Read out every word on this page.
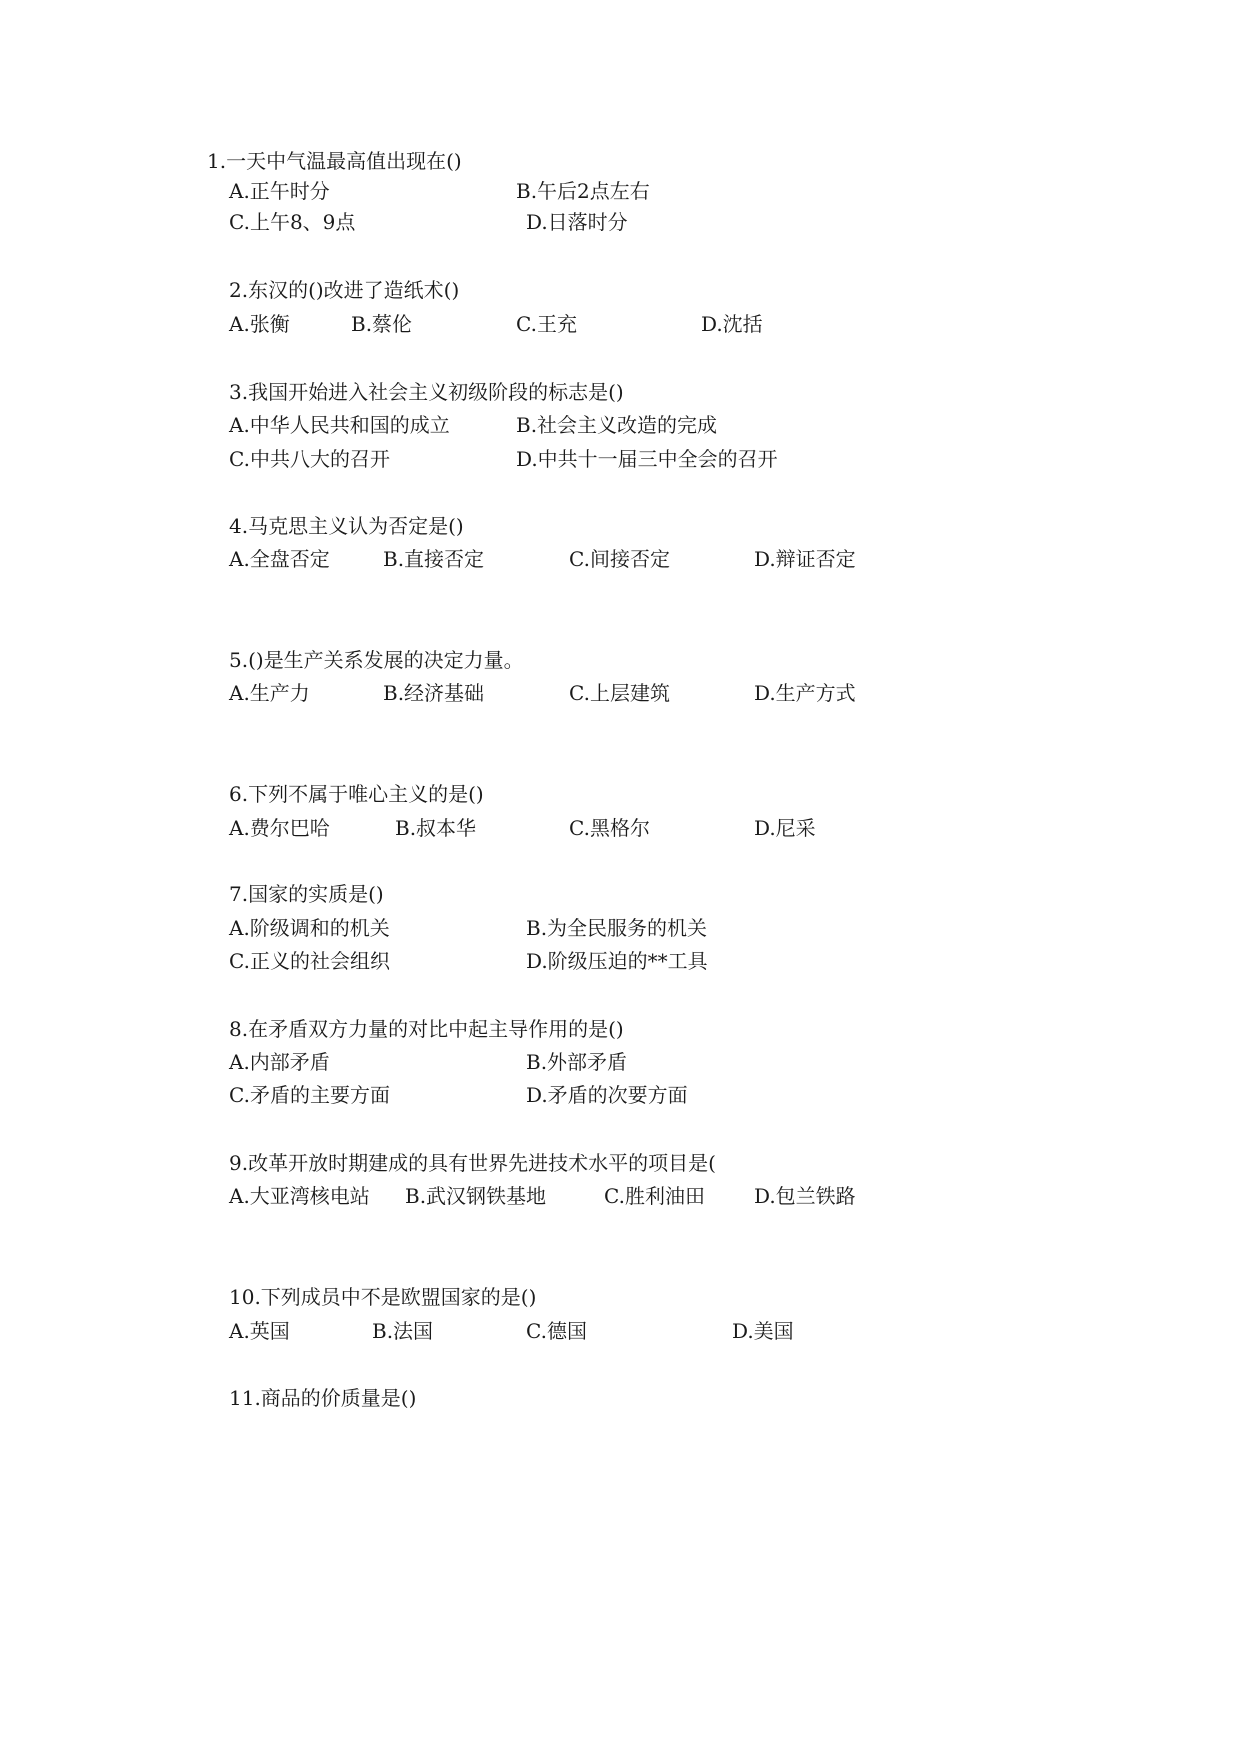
1.一天中气温最高值出现在()
A.正午时分	B.午后2点左右
C.上午8、9点	D.日落时分
2.东汉的()改进了造纸术()
A.张衡	B.蔡伦	C.王充	D.沈括
3.我国开始进入社会主义初级阶段的标志是()
A.中华人民共和国的成立	B.社会主义改造的完成
C.中共八大的召开	D.中共十一届三中全会的召开
4.马克思主义认为否定是()
A.全盘否定	B.直接否定	C.间接否定	D.辩证否定
5.()是生产关系发展的决定力量。
A.生产力	B.经济基础	C.上层建筑	D.生产方式
6.下列不属于唯心主义的是()
A.费尔巴哈	B.叔本华	C.黑格尔	D.尼采
7.国家的实质是()
A.阶级调和的机关	B.为全民服务的机关
C.正义的社会组织	D.阶级压迫的**工具
8.在矛盾双方力量的对比中起主导作用的是()
A.内部矛盾	B.外部矛盾
C.矛盾的主要方面	D.矛盾的次要方面
9.改革开放时期建成的具有世界先进技术水平的项目是(
A.大亚湾核电站 B.武汉钢铁基地	C.胜利油田 D.包兰铁路
10.下列成员中不是欧盟国家的是()
A.英国	B.法国	C.德国	D.美国
11.商品的价质量是()
